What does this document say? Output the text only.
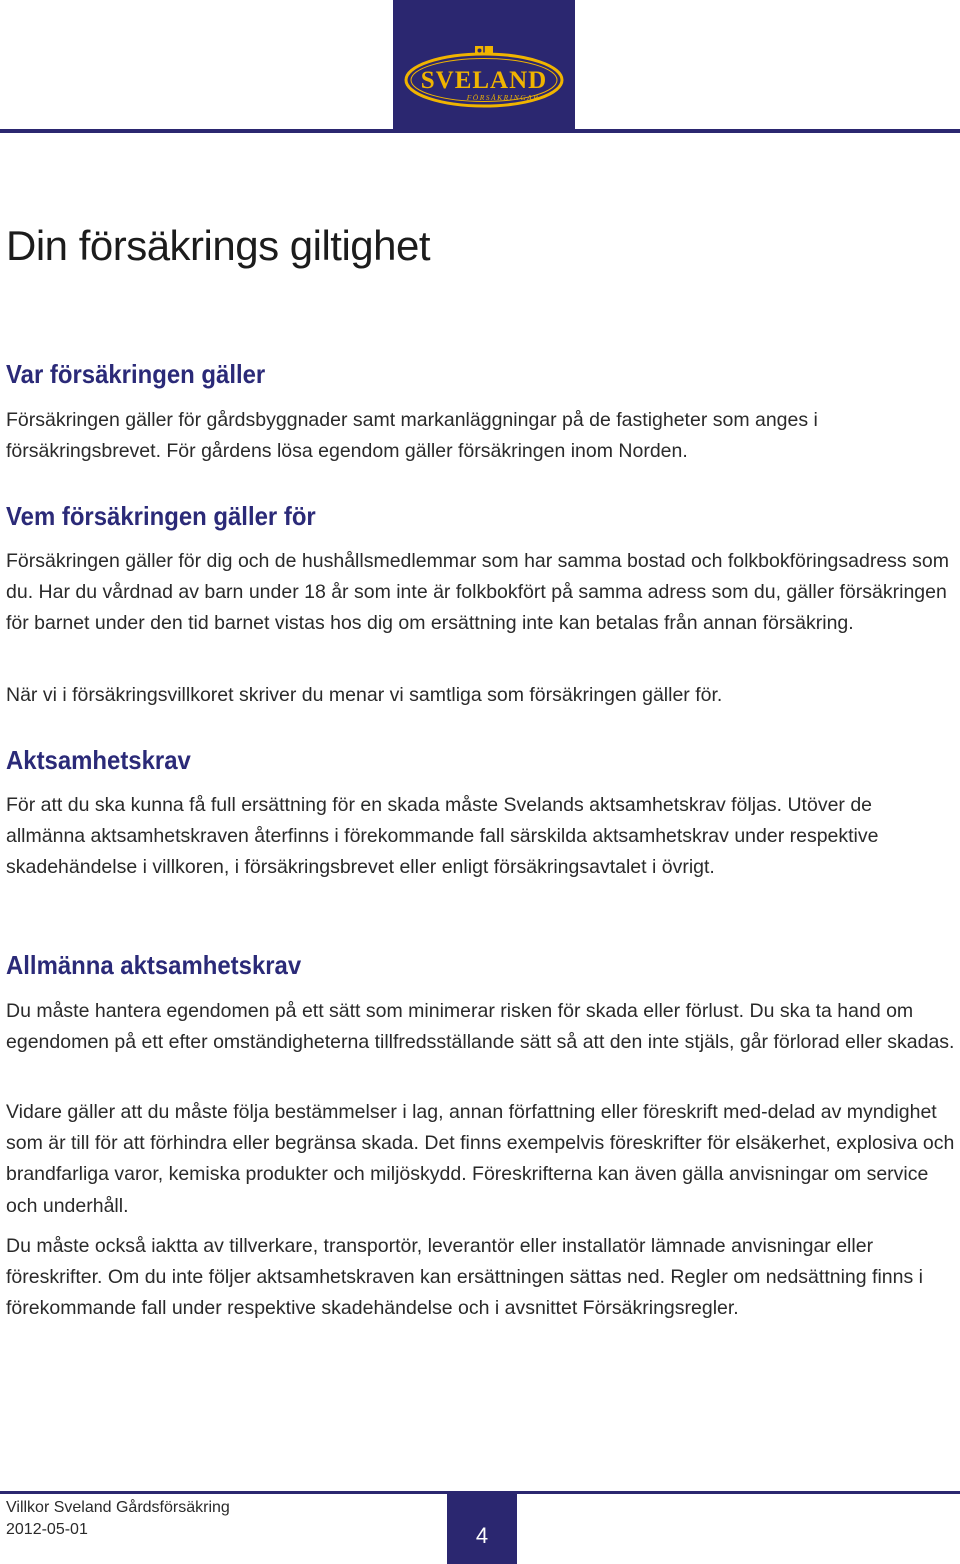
SVELAND
FÖRSÄKRINGAR
Din försäkrings giltighet
Var försäkringen gäller

Försäkringen gäller för gårdsbyggnader samt markanläggningar på de fastigheter som anges i försäkringsbrevet. För gårdens lösa egendom gäller försäkringen inom Norden.

Vem försäkringen gäller för

Försäkringen gäller för dig och de hushållsmedlemmar som har samma bostad och folkbokföringsadress som du. Har du vårdnad av barn under 18 år som inte är folkbokfört på samma adress som du, gäller försäkringen för barnet under den tid barnet vistas hos dig om ersättning inte kan betalas från annan försäkring.

När vi i försäkringsvillkoret skriver du menar vi samtliga som försäkringen gäller för.

Aktsamhetskrav

För att du ska kunna få full ersättning för en skada måste Svelands aktsamhetskrav följas. Utöver de allmänna aktsamhetskraven återfinns i förekommande fall särskilda aktsamhetskrav under respektive skadehändelse i villkoren, i försäkringsbrevet eller enligt försäkringsavtalet i övrigt.

Allmänna aktsamhetskrav

Du måste hantera egendomen på ett sätt som minimerar risken för skada eller förlust. Du ska ta hand om egendomen på ett efter omständigheterna tillfredsställande sätt så att den inte stjäls, går förlorad eller skadas.

Vidare gäller att du måste följa bestämmelser i lag, annan författning eller föreskrift med-delad av myndighet som är till för att förhindra eller begränsa skada. Det finns exempelvis föreskrifter för elsäkerhet, explosiva och brandfarliga varor, kemiska produkter och miljöskydd. Föreskrifterna kan även gälla anvisningar om service och underhåll.

Du måste också iaktta av tillverkare, transportör, leverantör eller installatör lämnade anvisningar eller föreskrifter. Om du inte följer aktsamhetskraven kan ersättningen sättas ned. Regler om nedsättning finns i förekommande fall under respektive skadehändelse och i avsnittet Försäkringsregler.

Villkor Sveland Gårdsförsäkring
2012-05-01	4
